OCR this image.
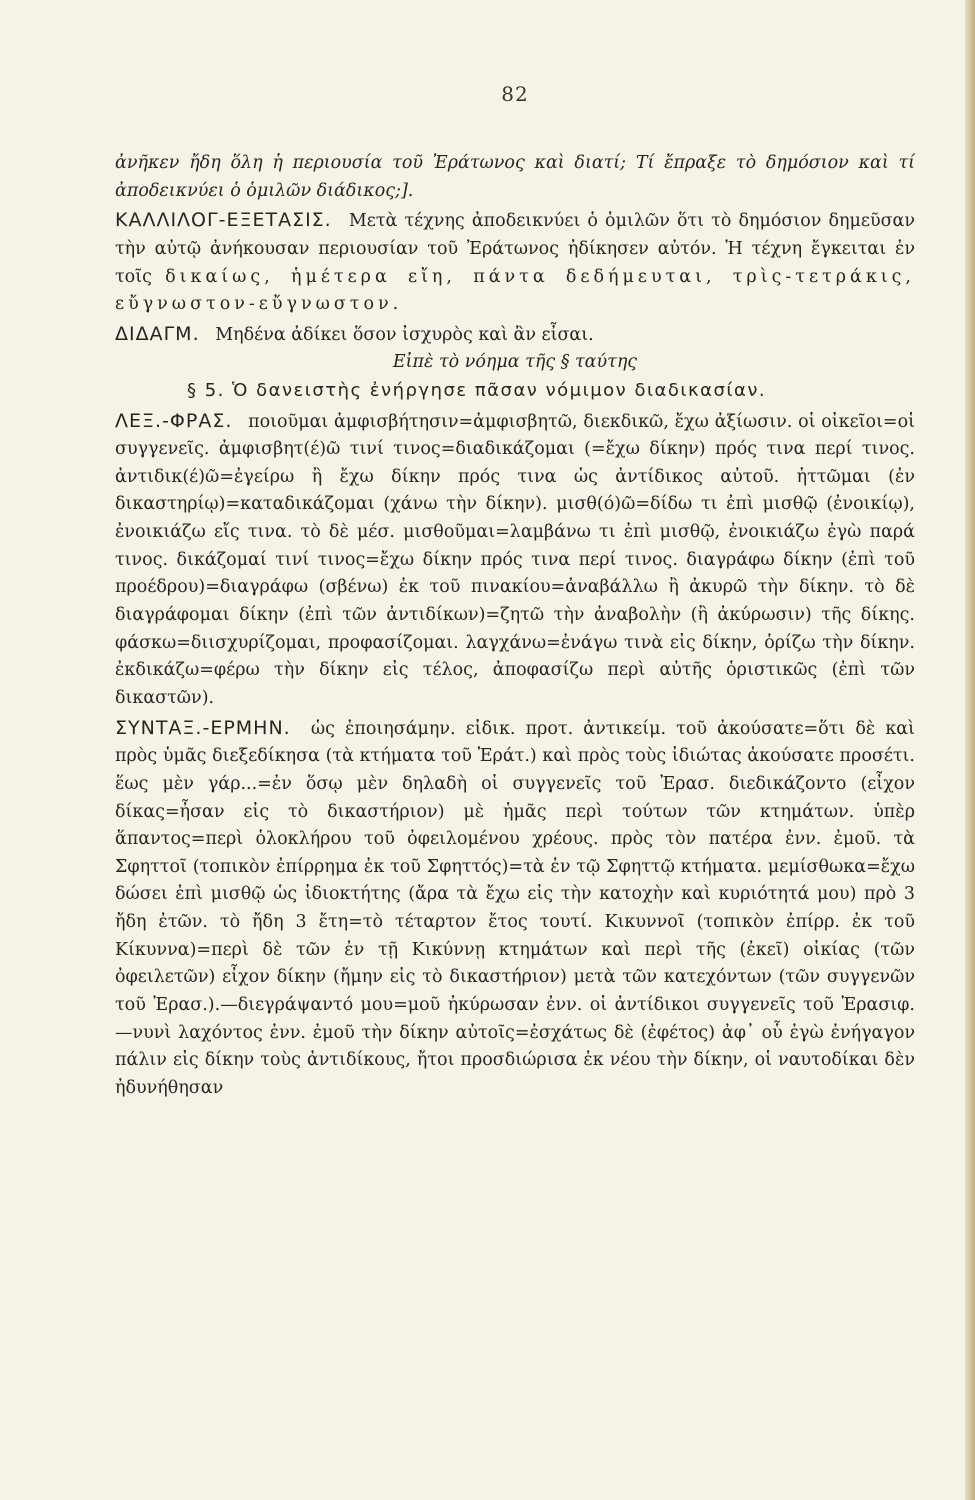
82

ἀνῆκεν ἤδη ὅλη ἡ περιουσία τοῦ Ἐράτωνος καὶ διατί; Τί ἔπραξε τὸ δημόσιον καὶ τί ἀποδεικνύει ὁ ὁμιλῶν διάδικος;].

ΚΑΛΛΙΛΟΓ-ΕΞΕΤΑΣΙΣ. Μετὰ τέχνης ἀποδεικνύει ὁ ὁμιλῶν ὅτι τὸ δημόσιον δημεῦσαν τὴν αὐτῷ ἀνήκουσαν περιουσίαν τοῦ Ἐράτωνος ἠδίκησεν αὐτόν. Ἡ τέχνη ἔγκειται ἐν τοῖς δικαίως, ἡμέτερα εἴη, πάντα δεδήμευται, τρὶς-τετράκις, εὔγνωστον-εὔγνωστον.

ΔΙΔΑΓΜ. Μηδένα ἀδίκει ὅσον ἰσχυρὸς καὶ ἂν εἶσαι.

Εἰπὲ τὸ νόημα τῆς § ταύτης

§ 5. Ὁ δανειστὴς ἐνήργησε πᾶσαν νόμιμον διαδικασίαν.

ΛΕΞ.-ΦΡΑΣ. ποιοῦμαι ἀμφισβήτησιν=ἀμφισβητῶ, διεκδικῶ, ἔχω ἀξίωσιν. οἱ οἰκεῖοι=οἱ συγγενεῖς. ἀμφισβητ(έ)ῶ τινί τινος=διαδικάζομαι (=ἔχω δίκην) πρός τινα περί τινος. ἀντιδικ(έ)ῶ=ἐγείρω ἢ ἔχω δίκην πρός τινα ὡς ἀντίδικος αὐτοῦ. ἡττῶμαι (ἐν δικαστηρίῳ)=καταδικάζομαι (χάνω τὴν δίκην). μισθ(ό)ῶ=δίδω τι ἐπὶ μισθῷ (ἐνοικίῳ), ἐνοικιάζω εἴς τινα. τὸ δὲ μέσ. μισθοῦμαι=λαμβάνω τι ἐπὶ μισθῷ, ἐνοικιάζω ἐγὼ παρά τινος. δικάζομαί τινί τινος=ἔχω δίκην πρός τινα περί τινος. διαγράφω δίκην (ἐπὶ τοῦ προέδρου)=διαγράφω (σβένω) ἐκ τοῦ πινακίου=ἀναβάλλω ἢ ἀκυρῶ τὴν δίκην. τὸ δὲ διαγράφομαι δίκην (ἐπὶ τῶν ἀντιδίκων)=ζητῶ τὴν ἀναβολὴν (ἢ ἀκύρωσιν) τῆς δίκης. φάσκω=διισχυρίζομαι, προφασίζομαι. λαγχάνω=ἐνάγω τινὰ εἰς δίκην, ὁρίζω τὴν δίκην. ἐκδικάζω=φέρω τὴν δίκην εἰς τέλος, ἀποφασίζω περὶ αὐτῆς ὁριστικῶς (ἐπὶ τῶν δικαστῶν).

ΣΥΝΤΑΞ.-ΕΡΜΗΝ. ὡς ἐποιησάμην. εἰδικ. προτ. ἀντικείμ. τοῦ ἀκούσατε=ὅτι δὲ καὶ πρὸς ὑμᾶς διεξεδίκησα (τὰ κτήματα τοῦ Ἐράτ.) καὶ πρὸς τοὺς ἰδιώτας ἀκούσατε προσέτι. ἕως μὲν γάρ...=ἐν ὅσῳ μὲν δηλαδὴ οἱ συγγενεῖς τοῦ Ἐρασ. διεδικάζοντο (εἶχον δίκας=ἦσαν εἰς τὸ δικαστήριον) μὲ ἡμᾶς περὶ τούτων τῶν κτημάτων. ὑπὲρ ἅπαντος=περὶ ὁλοκλήρου τοῦ ὀφειλομένου χρέους. πρὸς τὸν πατέρα ἐνν. ἐμοῦ. τὰ Σφηττοῖ (τοπικὸν ἐπίρρημα ἐκ τοῦ Σφηττός)=τὰ ἐν τῷ Σφηττῷ κτήματα. μεμίσθωκα=ἔχω δώσει ἐπὶ μισθῷ ὡς ἰδιοκτήτης (ἄρα τὰ ἔχω εἰς τὴν κατοχὴν καὶ κυριότητά μου) πρὸ 3 ἤδη ἐτῶν. τὸ ἤδη 3 ἔτη=τὸ τέταρτον ἔτος τουτί. Κικυννοῖ (τοπικὸν ἐπίρρ. ἐκ τοῦ Κίκυννα)=περὶ δὲ τῶν ἐν τῇ Κικύννῃ κτημάτων καὶ περὶ τῆς (ἐκεῖ) οἰκίας (τῶν ὀφειλετῶν) εἶχον δίκην (ἤμην εἰς τὸ δικαστήριον) μετὰ τῶν κατεχόντων (τῶν συγγενῶν τοῦ Ἐρασ.).—διεγράψαντό μου=μοῦ ἠκύρωσαν ἐνν. οἱ ἀντίδικοι συγγενεῖς τοῦ Ἐρασιφ.—νυνὶ λαχόντος ἐνν. ἐμοῦ τὴν δίκην αὐτοῖς=ἐσχάτως δὲ (ἐφέτος) ἀφ᾽ οὗ ἐγὼ ἐνήγαγον πάλιν εἰς δίκην τοὺς ἀντιδίκους, ἤτοι προσδιώρισα ἐκ νέου τὴν δίκην, οἱ ναυτοδίκαι δὲν ἠδυνήθησαν
